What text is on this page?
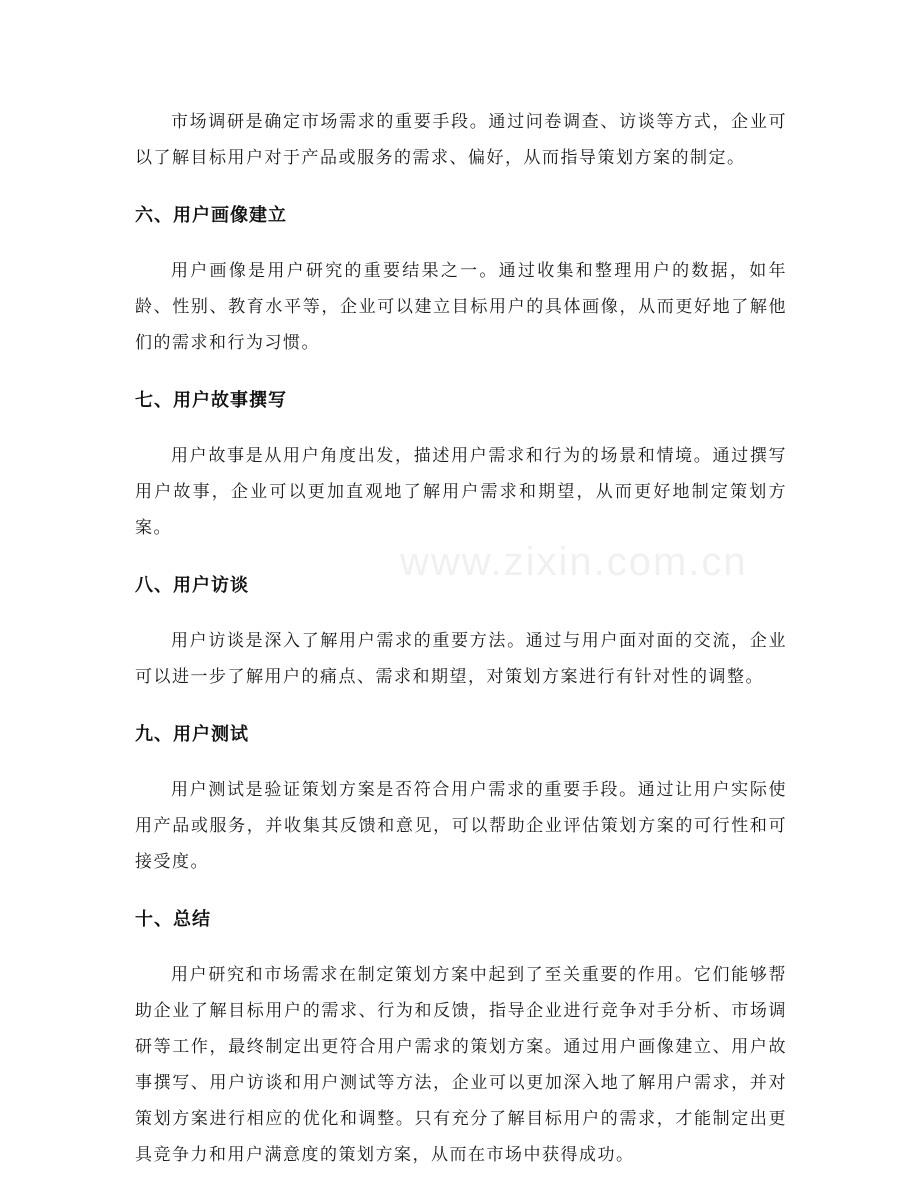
市场调研是确定市场需求的重要手段。通过问卷调查、访谈等方式，企业可以了解目标用户对于产品或服务的需求、偏好，从而指导策划方案的制定。

六、用户画像建立

用户画像是用户研究的重要结果之一。通过收集和整理用户的数据，如年龄、性别、教育水平等，企业可以建立目标用户的具体画像，从而更好地了解他们的需求和行为习惯。

七、用户故事撰写

用户故事是从用户角度出发，描述用户需求和行为的场景和情境。通过撰写用户故事，企业可以更加直观地了解用户需求和期望，从而更好地制定策划方案。

八、用户访谈

用户访谈是深入了解用户需求的重要方法。通过与用户面对面的交流，企业可以进一步了解用户的痛点、需求和期望，对策划方案进行有针对性的调整。

九、用户测试

用户测试是验证策划方案是否符合用户需求的重要手段。通过让用户实际使用产品或服务，并收集其反馈和意见，可以帮助企业评估策划方案的可行性和可接受度。

十、总结

用户研究和市场需求在制定策划方案中起到了至关重要的作用。它们能够帮助企业了解目标用户的需求、行为和反馈，指导企业进行竞争对手分析、市场调研等工作，最终制定出更符合用户需求的策划方案。通过用户画像建立、用户故事撰写、用户访谈和用户测试等方法，企业可以更加深入地了解用户需求，并对策划方案进行相应的优化和调整。只有充分了解目标用户的需求，才能制定出更具竞争力和用户满意度的策划方案，从而在市场中获得成功。

www.zixin.com.cn
